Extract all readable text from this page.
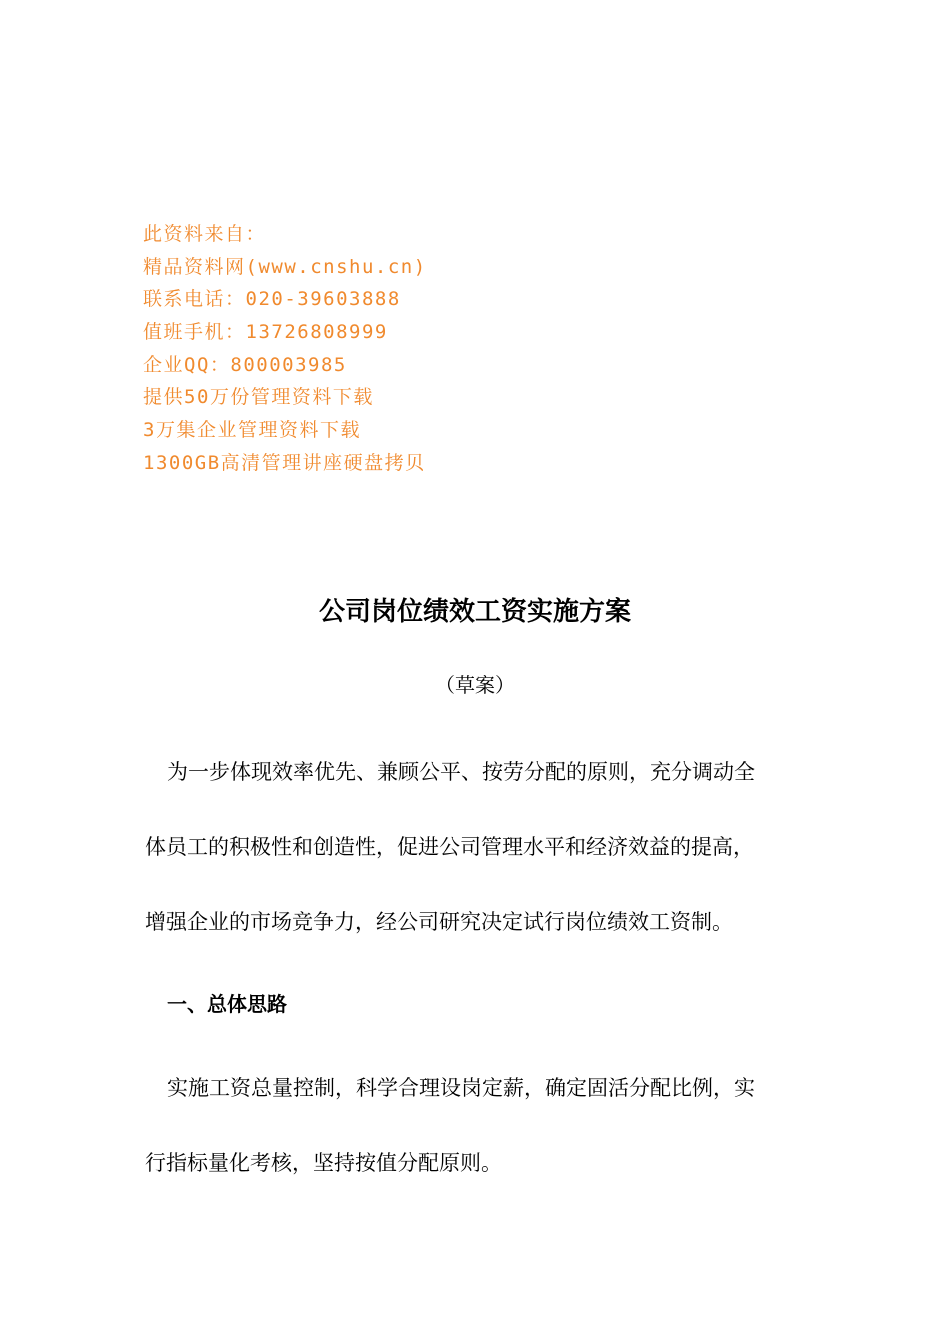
此资料来自：
精品资料网(www.cnshu.cn)
联系电话：020-39603888
值班手机：13726808999
企业QQ：800003985
提供50万份管理资料下载
3万集企业管理资料下载
1300GB高清管理讲座硬盘拷贝
公司岗位绩效工资实施方案
（草案）
为一步体现效率优先、兼顾公平、按劳分配的原则，充分调动全
体员工的积极性和创造性，促进公司管理水平和经济效益的提高，
增强企业的市场竞争力，经公司研究决定试行岗位绩效工资制。
一、总体思路
实施工资总量控制，科学合理设岗定薪，确定固活分配比例，实
行指标量化考核，坚持按值分配原则。
